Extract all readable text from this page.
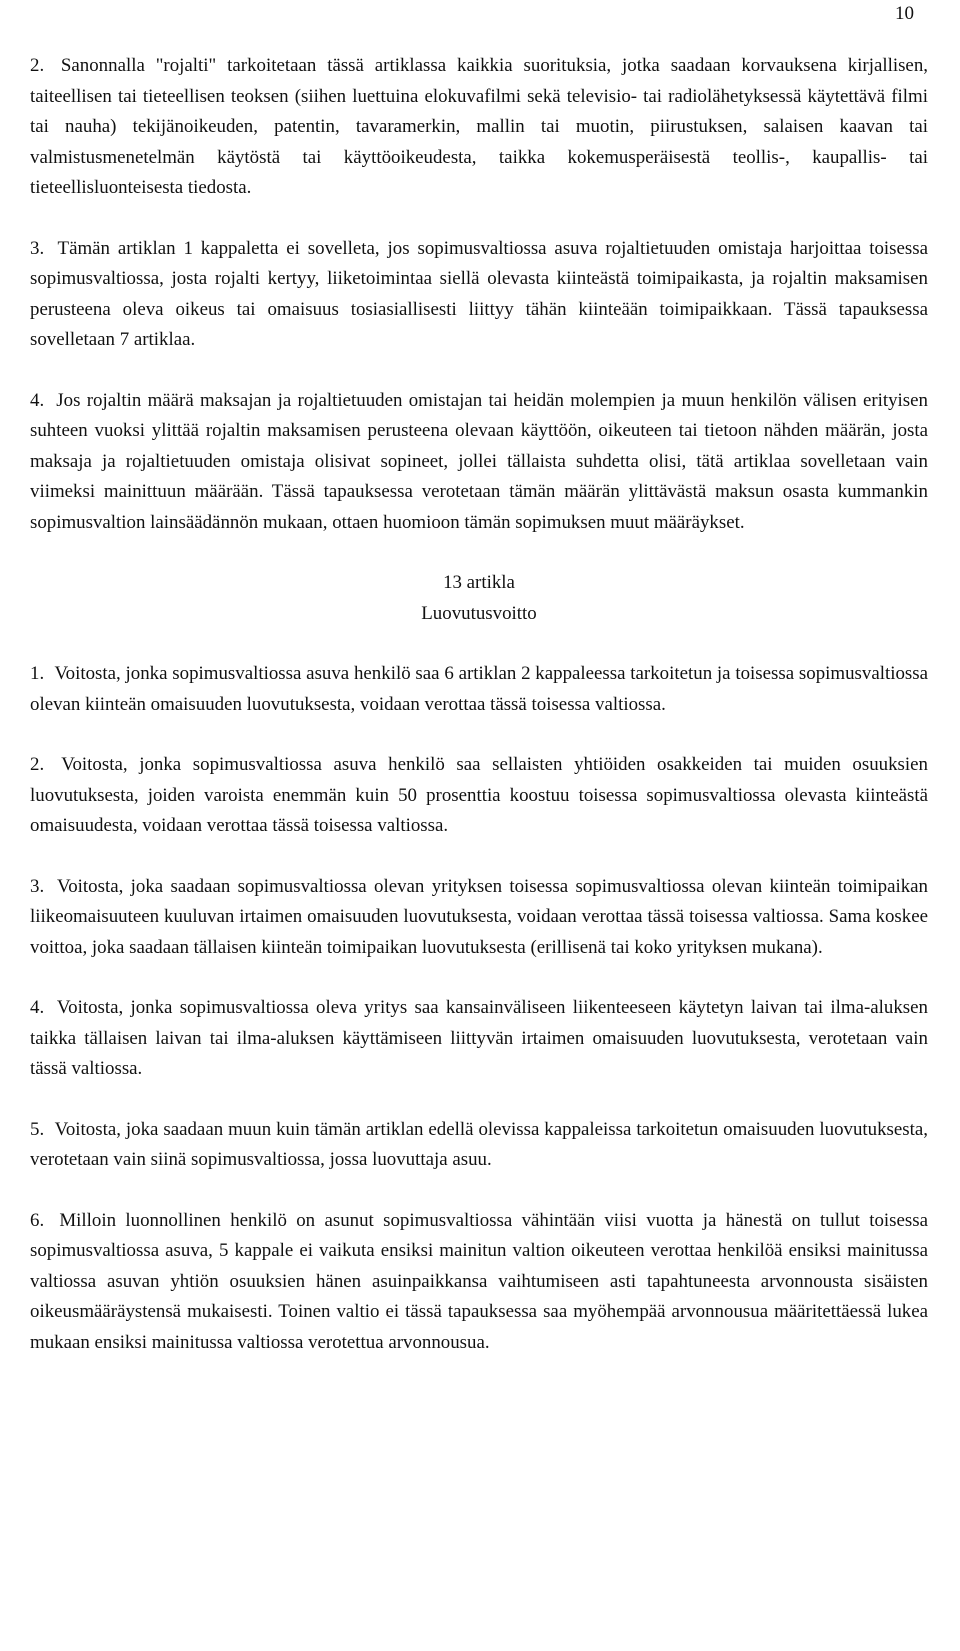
10

2. Sanonnalla "rojalti" tarkoitetaan tässä artiklassa kaikkia suorituksia, jotka saadaan korvauksena kirjallisen, taiteellisen tai tieteellisen teoksen (siihen luettuina elokuvafilmi sekä televisio- tai radiolähetyksessä käytettävä filmi tai nauha) tekijänoikeuden, patentin, tavaramerkin, mallin tai muotin, piirustuksen, salaisen kaavan tai valmistusmenetelmän käytöstä tai käyttöoikeudesta, taikka kokemusperäisestä teollis-, kaupallis- tai tieteellisluonteisesta tiedosta.

3. Tämän artiklan 1 kappaletta ei sovelleta, jos sopimusvaltiossa asuva rojaltietuuden omistaja harjoittaa toisessa sopimusvaltiossa, josta rojalti kertyy, liiketoimintaa siellä olevasta kiinteästä toimipaikasta, ja rojaltin maksamisen perusteena oleva oikeus tai omaisuus tosiasiallisesti liittyy tähän kiinteään toimipaikkaan. Tässä tapauksessa sovelletaan 7 artiklaa.

4. Jos rojaltin määrä maksajan ja rojaltietuuden omistajan tai heidän molempien ja muun henkilön välisen erityisen suhteen vuoksi ylittää rojaltin maksamisen perusteena olevaan käyttöön, oikeuteen tai tietoon nähden määrän, josta maksaja ja rojaltietuuden omistaja olisivat sopineet, jollei tällaista suhdetta olisi, tätä artiklaa sovelletaan vain viimeksi mainittuun määrään. Tässä tapauksessa verotetaan tämän määrän ylittävästä maksun osasta kummankin sopimusvaltion lainsäädännön mukaan, ottaen huomioon tämän sopimuksen muut määräykset.

13 artikla
Luovutusvoitto

1. Voitosta, jonka sopimusvaltiossa asuva henkilö saa 6 artiklan 2 kappaleessa tarkoitetun ja toisessa sopimusvaltiossa olevan kiinteän omaisuuden luovutuksesta, voidaan verottaa tässä toisessa valtiossa.

2. Voitosta, jonka sopimusvaltiossa asuva henkilö saa sellaisten yhtiöiden osakkeiden tai muiden osuuksien luovutuksesta, joiden varoista enemmän kuin 50 prosenttia koostuu toisessa sopimusvaltiossa olevasta kiinteästä omaisuudesta, voidaan verottaa tässä toisessa valtiossa.

3. Voitosta, joka saadaan sopimusvaltiossa olevan yrityksen toisessa sopimusvaltiossa olevan kiinteän toimipaikan liikeomaisuuteen kuuluvan irtaimen omaisuuden luovutuksesta, voidaan verottaa tässä toisessa valtiossa. Sama koskee voittoa, joka saadaan tällaisen kiinteän toimipaikan luovutuksesta (erillisenä tai koko yrityksen mukana).

4. Voitosta, jonka sopimusvaltiossa oleva yritys saa kansainväliseen liikenteeseen käytetyn laivan tai ilma-aluksen taikka tällaisen laivan tai ilma-aluksen käyttämiseen liittyvän irtaimen omaisuuden luovutuksesta, verotetaan vain tässä valtiossa.

5. Voitosta, joka saadaan muun kuin tämän artiklan edellä olevissa kappaleissa tarkoitetun omaisuuden luovutuksesta, verotetaan vain siinä sopimusvaltiossa, jossa luovuttaja asuu.

6. Milloin luonnollinen henkilö on asunut sopimusvaltiossa vähintään viisi vuotta ja hänestä on tullut toisessa sopimusvaltiossa asuva, 5 kappale ei vaikuta ensiksi mainitun valtion oikeuteen verottaa henkilöä ensiksi mainitussa valtiossa asuvan yhtiön osuuksien hänen asuinpaikkansa vaihtumiseen asti tapahtuneesta arvonnousta sisäisten oikeusmääräystensä mukaisesti. Toinen valtio ei tässä tapauksessa saa myöhempää arvonnousua määritettäessä lukea mukaan ensiksi mainitussa valtiossa verotettua arvonnousua.
